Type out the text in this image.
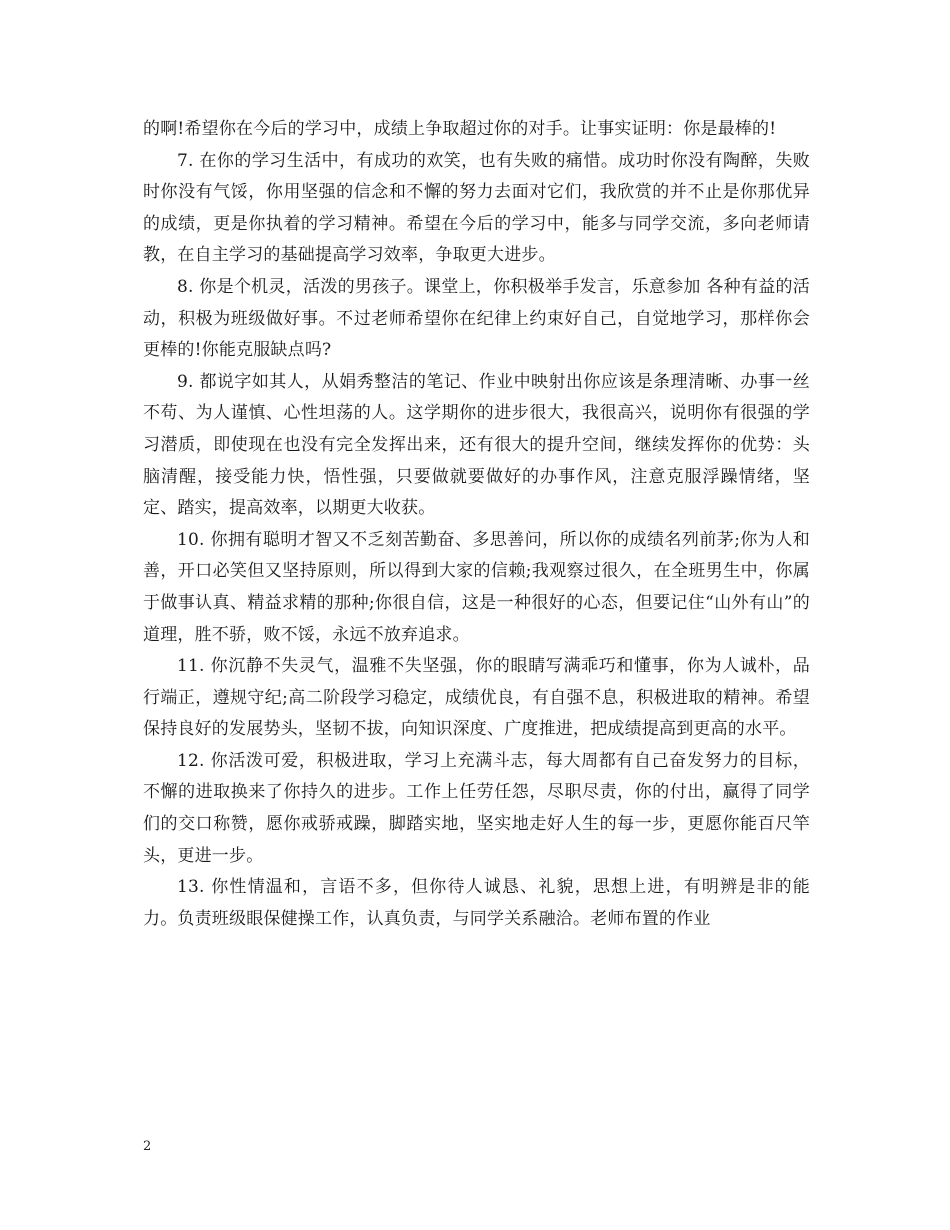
的啊!希望你在今后的学习中，成绩上争取超过你的对手。让事实证明：你是最棒的!

7. 在你的学习生活中，有成功的欢笑，也有失败的痛惜。成功时你没有陶醉，失败时你没有气馁，你用坚强的信念和不懈的努力去面对它们，我欣赏的并不止是你那优异的成绩，更是你执着的学习精神。希望在今后的学习中，能多与同学交流，多向老师请教，在自主学习的基础提高学习效率，争取更大进步。

8. 你是个机灵，活泼的男孩子。课堂上，你积极举手发言，乐意参加 各种有益的活动，积极为班级做好事。不过老师希望你在纪律上约束好自己，自觉地学习，那样你会更棒的!你能克服缺点吗?

9. 都说字如其人，从娟秀整洁的笔记、作业中映射出你应该是条理清晰、办事一丝不苟、为人谨慎、心性坦荡的人。这学期你的进步很大，我很高兴，说明你有很强的学习潜质，即使现在也没有完全发挥出来，还有很大的提升空间，继续发挥你的优势：头脑清醒，接受能力快，悟性强，只要做就要做好的办事作风，注意克服浮躁情绪，坚定、踏实，提高效率，以期更大收获。

10. 你拥有聪明才智又不乏刻苦勤奋、多思善问，所以你的成绩名列前茅;你为人和善，开口必笑但又坚持原则，所以得到大家的信赖;我观察过很久，在全班男生中，你属于做事认真、精益求精的那种;你很自信，这是一种很好的心态，但要记住“山外有山”的道理，胜不骄，败不馁，永远不放弃追求。

11. 你沉静不失灵气，温雅不失坚强，你的眼睛写满乖巧和懂事，你为人诚朴，品行端正，遵规守纪;高二阶段学习稳定，成绩优良，有自强不息，积极进取的精神。希望保持良好的发展势头，坚韧不拔，向知识深度、广度推进，把成绩提高到更高的水平。

12. 你活泼可爱，积极进取，学习上充满斗志，每大周都有自己奋发努力的目标，不懈的进取换来了你持久的进步。工作上任劳任怨，尽职尽责，你的付出，赢得了同学们的交口称赞，愿你戒骄戒躁，脚踏实地，坚实地走好人生的每一步，更愿你能百尺竿头，更进一步。

13. 你性情温和，言语不多，但你待人诚恳、礼貌，思想上进，有明辨是非的能力。负责班级眼保健操工作，认真负责，与同学关系融洽。老师布置的作业

2
